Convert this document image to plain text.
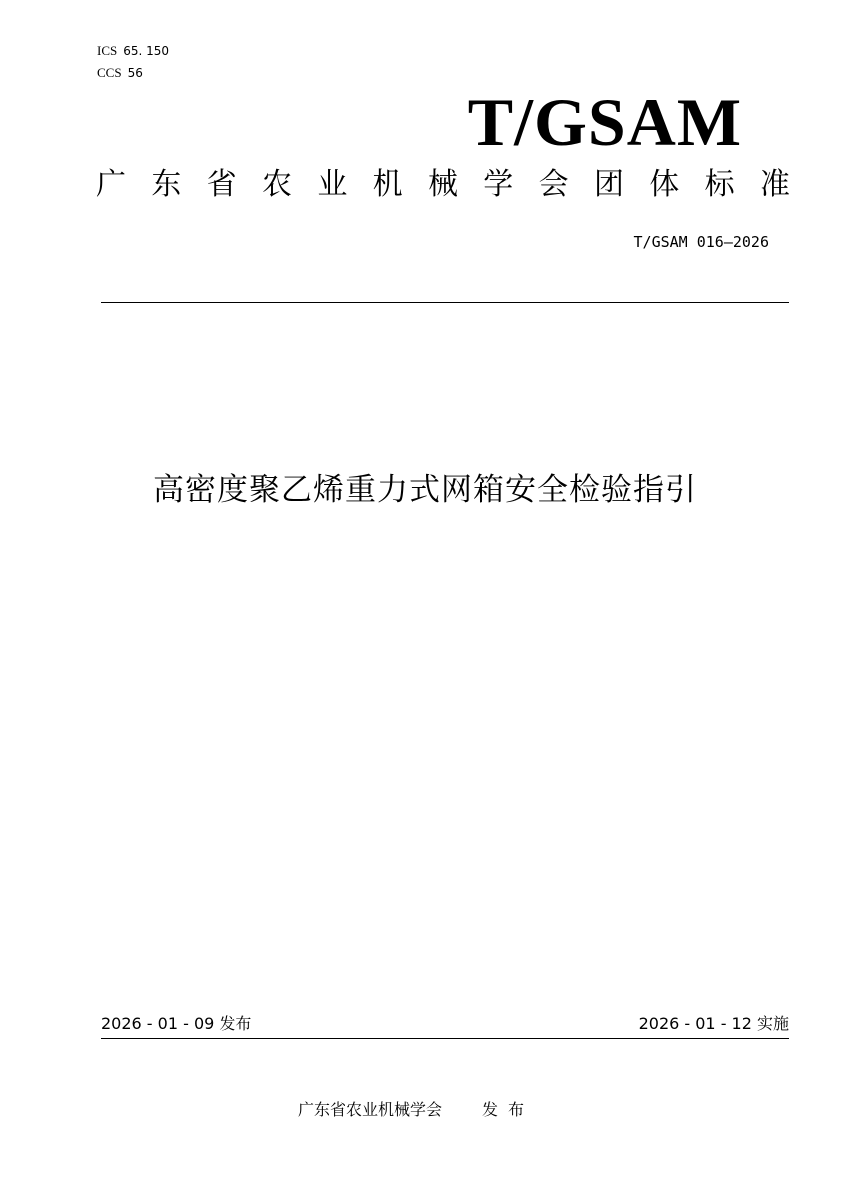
ICS 65. 150
CCS 56
T/GSAM
广 东 省 农 业 机 械 学 会 团 体 标 准
T/GSAM 016—2026
高密度聚乙烯重力式网箱安全检验指引
2026 - 01 - 09 发布	2026 - 01 - 12 实施
广东省农业机械学会	发布
